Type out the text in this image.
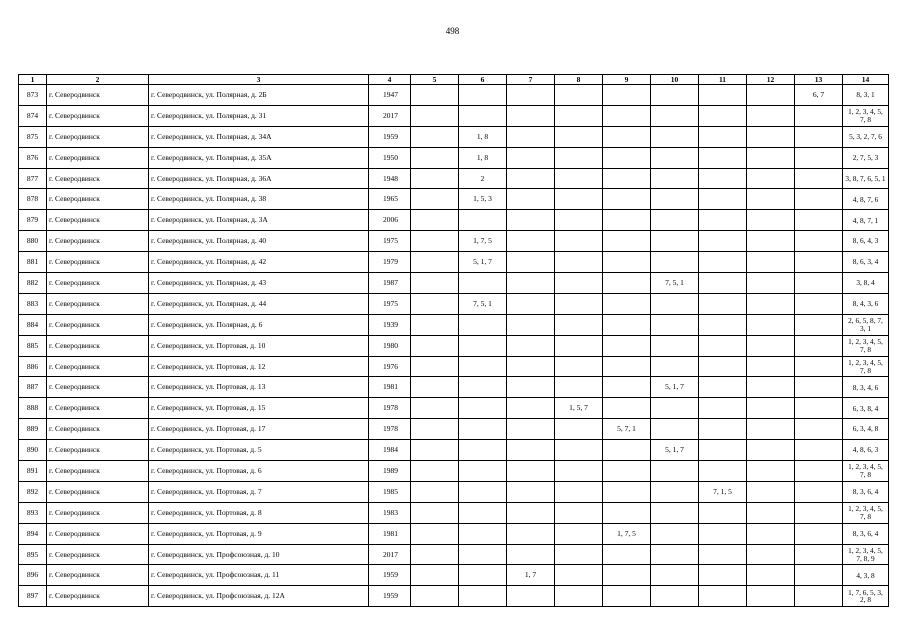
498
1	2	3	4	5	6	7	8	9	10	11	12	13	14
873	г. Северодвинск	г. Северодвинск, ул. Полярная, д. 2Б	1947									6, 7	8, 3, 1
874	г. Северодвинск	г. Северодвинск, ул. Полярная, д. 31	2017										1, 2, 3, 4, 5, 7, 8
875	г. Северодвинск	г. Северодвинск, ул. Полярная, д. 34А	1959		1, 8								5, 3, 2, 7, 6
876	г. Северодвинск	г. Северодвинск, ул. Полярная, д. 35А	1950		1, 8								2, 7, 5, 3
877	г. Северодвинск	г. Северодвинск, ул. Полярная, д. 36А	1948		2								3, 8, 7, 6, 5, 1
878	г. Северодвинск	г. Северодвинск, ул. Полярная, д. 38	1965		1, 5, 3								4, 8, 7, 6
879	г. Северодвинск	г. Северодвинск, ул. Полярная, д. 3А	2006										4, 8, 7, 1
880	г. Северодвинск	г. Северодвинск, ул. Полярная, д. 40	1975		1, 7, 5								8, 6, 4, 3
881	г. Северодвинск	г. Северодвинск, ул. Полярная, д. 42	1979		5, 1, 7								8, 6, 3, 4
882	г. Северодвинск	г. Северодвинск, ул. Полярная, д. 43	1987						7, 5, 1				3, 8, 4
883	г. Северодвинск	г. Северодвинск, ул. Полярная, д. 44	1975		7, 5, 1								8, 4, 3, 6
884	г. Северодвинск	г. Северодвинск, ул. Полярная, д. 6	1939										2, 6, 5, 8, 7, 3, 1
885	г. Северодвинск	г. Северодвинск, ул. Портовая, д. 10	1980										1, 2, 3, 4, 5, 7, 8
886	г. Северодвинск	г. Северодвинск, ул. Портовая, д. 12	1976										1, 2, 3, 4, 5, 7, 8
887	г. Северодвинск	г. Северодвинск, ул. Портовая, д. 13	1981						5, 1, 7				8, 3, 4, 6
888	г. Северодвинск	г. Северодвинск, ул. Портовая, д. 15	1978				1, 5, 7						6, 3, 8, 4
889	г. Северодвинск	г. Северодвинск, ул. Портовая, д. 17	1978					5, 7, 1					6, 3, 4, 8
890	г. Северодвинск	г. Северодвинск, ул. Портовая, д. 5	1984						5, 1, 7				4, 8, 6, 3
891	г. Северодвинск	г. Северодвинск, ул. Портовая, д. 6	1989										1, 2, 3, 4, 5, 7, 8
892	г. Северодвинск	г. Северодвинск, ул. Портовая, д. 7	1985							7, 1, 5			8, 3, 6, 4
893	г. Северодвинск	г. Северодвинск, ул. Портовая, д. 8	1983										1, 2, 3, 4, 5, 7, 8
894	г. Северодвинск	г. Северодвинск, ул. Портовая, д. 9	1981					1, 7, 5					8, 3, 6, 4
895	г. Северодвинск	г. Северодвинск, ул. Профсоюзная, д. 10	2017										1, 2, 3, 4, 5, 7, 8, 9
896	г. Северодвинск	г. Северодвинск, ул. Профсоюзная, д. 11	1959			1, 7							4, 3, 8
897	г. Северодвинск	г. Северодвинск, ул. Профсоюзная, д. 12А	1959										1, 7, 6, 5, 3, 2, 8
